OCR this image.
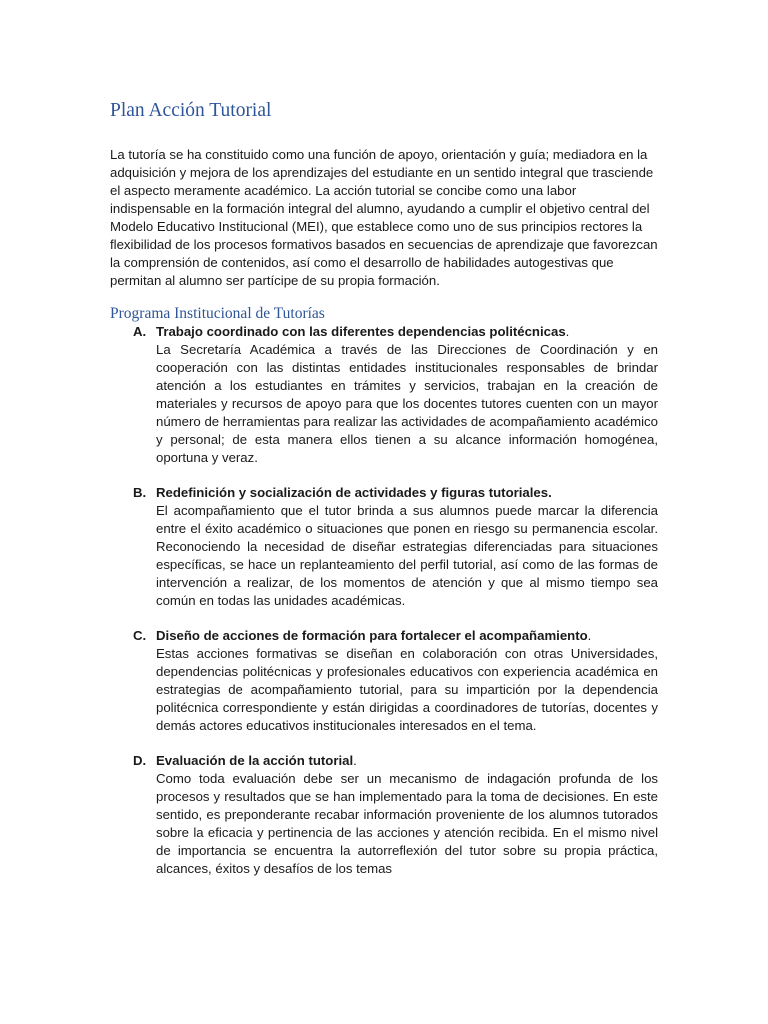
Plan Acción Tutorial

La tutoría se ha constituido como una función de apoyo, orientación y guía; mediadora en la adquisición y mejora de los aprendizajes del estudiante en un sentido integral que trasciende el aspecto meramente académico. La acción tutorial se concibe como una labor indispensable en la formación integral del alumno, ayudando a cumplir el objetivo central del Modelo Educativo Institucional (MEI), que establece como uno de sus principios rectores la flexibilidad de los procesos formativos basados en secuencias de aprendizaje que favorezcan la comprensión de contenidos, así como el desarrollo de habilidades autogestivas que permitan al alumno ser partícipe de su propia formación.

Programa Institucional de Tutorías
A. Trabajo coordinado con las diferentes dependencias politécnicas.

La Secretaría Académica a través de las Direcciones de Coordinación y en cooperación con las distintas entidades institucionales responsables de brindar atención a los estudiantes en trámites y servicios, trabajan en la creación de materiales y recursos de apoyo para que los docentes tutores cuenten con un mayor número de herramientas para realizar las actividades de acompañamiento académico y personal; de esta manera ellos tienen a su alcance información homogénea, oportuna y veraz.

B. Redefinición y socialización de actividades y figuras tutoriales.

El acompañamiento que el tutor brinda a sus alumnos puede marcar la diferencia entre el éxito académico o situaciones que ponen en riesgo su permanencia escolar. Reconociendo la necesidad de diseñar estrategias diferenciadas para situaciones específicas, se hace un replanteamiento del perfil tutorial, así como de las formas de intervención a realizar, de los momentos de atención y que al mismo tiempo sea común en todas las unidades académicas.

C. Diseño de acciones de formación para fortalecer el acompañamiento.

Estas acciones formativas se diseñan en colaboración con otras Universidades, dependencias politécnicas y profesionales educativos con experiencia académica en estrategias de acompañamiento tutorial, para su impartición por la dependencia politécnica correspondiente y están dirigidas a coordinadores de tutorías, docentes y demás actores educativos institucionales interesados en el tema.

D. Evaluación de la acción tutorial.

Como toda evaluación debe ser un mecanismo de indagación profunda de los procesos y resultados que se han implementado para la toma de decisiones. En este sentido, es preponderante recabar información proveniente de los alumnos tutorados sobre la eficacia y pertinencia de las acciones y atención recibida. En el mismo nivel de importancia se encuentra la autorreflexión del tutor sobre su propia práctica, alcances, éxitos y desafíos de los temas
